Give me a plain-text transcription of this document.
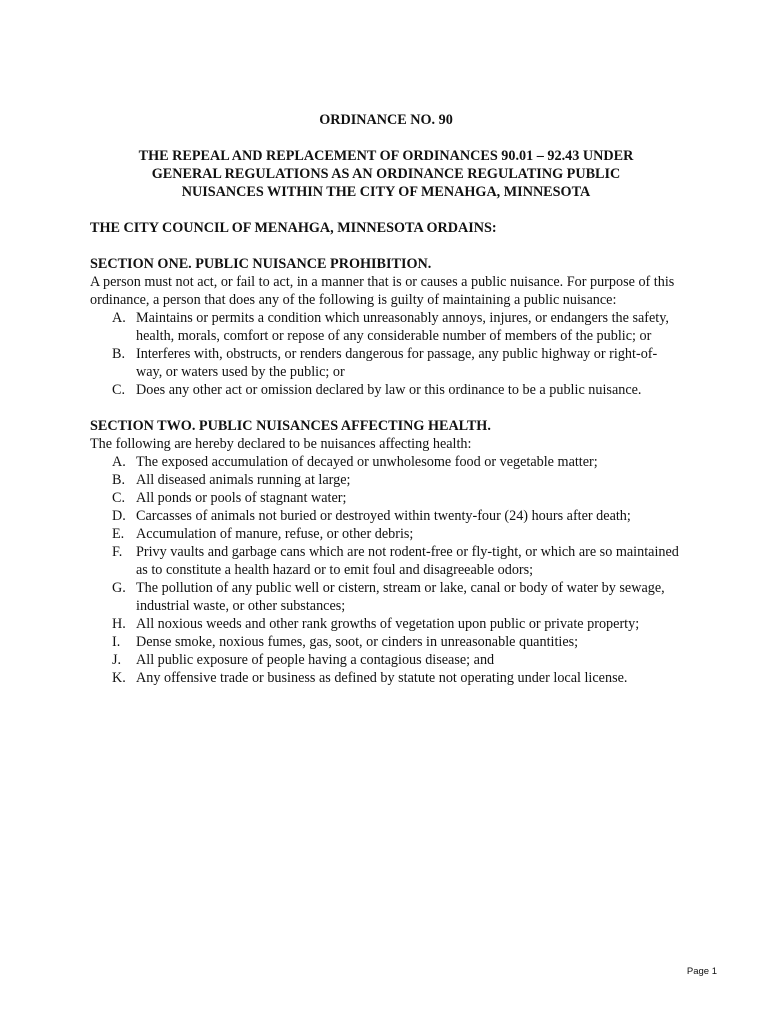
ORDINANCE NO. 90
THE REPEAL AND REPLACEMENT OF ORDINANCES 90.01 – 92.43 UNDER GENERAL REGULATIONS AS AN ORDINANCE REGULATING PUBLIC NUISANCES WITHIN THE CITY OF MENAHGA, MINNESOTA
THE CITY COUNCIL OF MENAHGA, MINNESOTA ORDAINS:
SECTION ONE. PUBLIC NUISANCE PROHIBITION.

A person must not act, or fail to act, in a manner that is or causes a public nuisance. For purpose of this ordinance, a person that does any of the following is guilty of maintaining a public nuisance:

A. Maintains or permits a condition which unreasonably annoys, injures, or endangers the safety, health, morals, comfort or repose of any considerable number of members of the public; or
B. Interferes with, obstructs, or renders dangerous for passage, any public highway or right-of-way, or waters used by the public; or
C. Does any other act or omission declared by law or this ordinance to be a public nuisance.
SECTION TWO. PUBLIC NUISANCES AFFECTING HEALTH.

The following are hereby declared to be nuisances affecting health:

A. The exposed accumulation of decayed or unwholesome food or vegetable matter;
B. All diseased animals running at large;
C. All ponds or pools of stagnant water;
D. Carcasses of animals not buried or destroyed within twenty-four (24) hours after death;
E. Accumulation of manure, refuse, or other debris;
F. Privy vaults and garbage cans which are not rodent-free or fly-tight, or which are so maintained as to constitute a health hazard or to emit foul and disagreeable odors;
G. The pollution of any public well or cistern, stream or lake, canal or body of water by sewage, industrial waste, or other substances;
H. All noxious weeds and other rank growths of vegetation upon public or private property;
I.	Dense smoke, noxious fumes, gas, soot, or cinders in unreasonable quantities;
J.	All public exposure of people having a contagious disease; and
K. Any offensive trade or business as defined by statute not operating under local license.
Page 1
